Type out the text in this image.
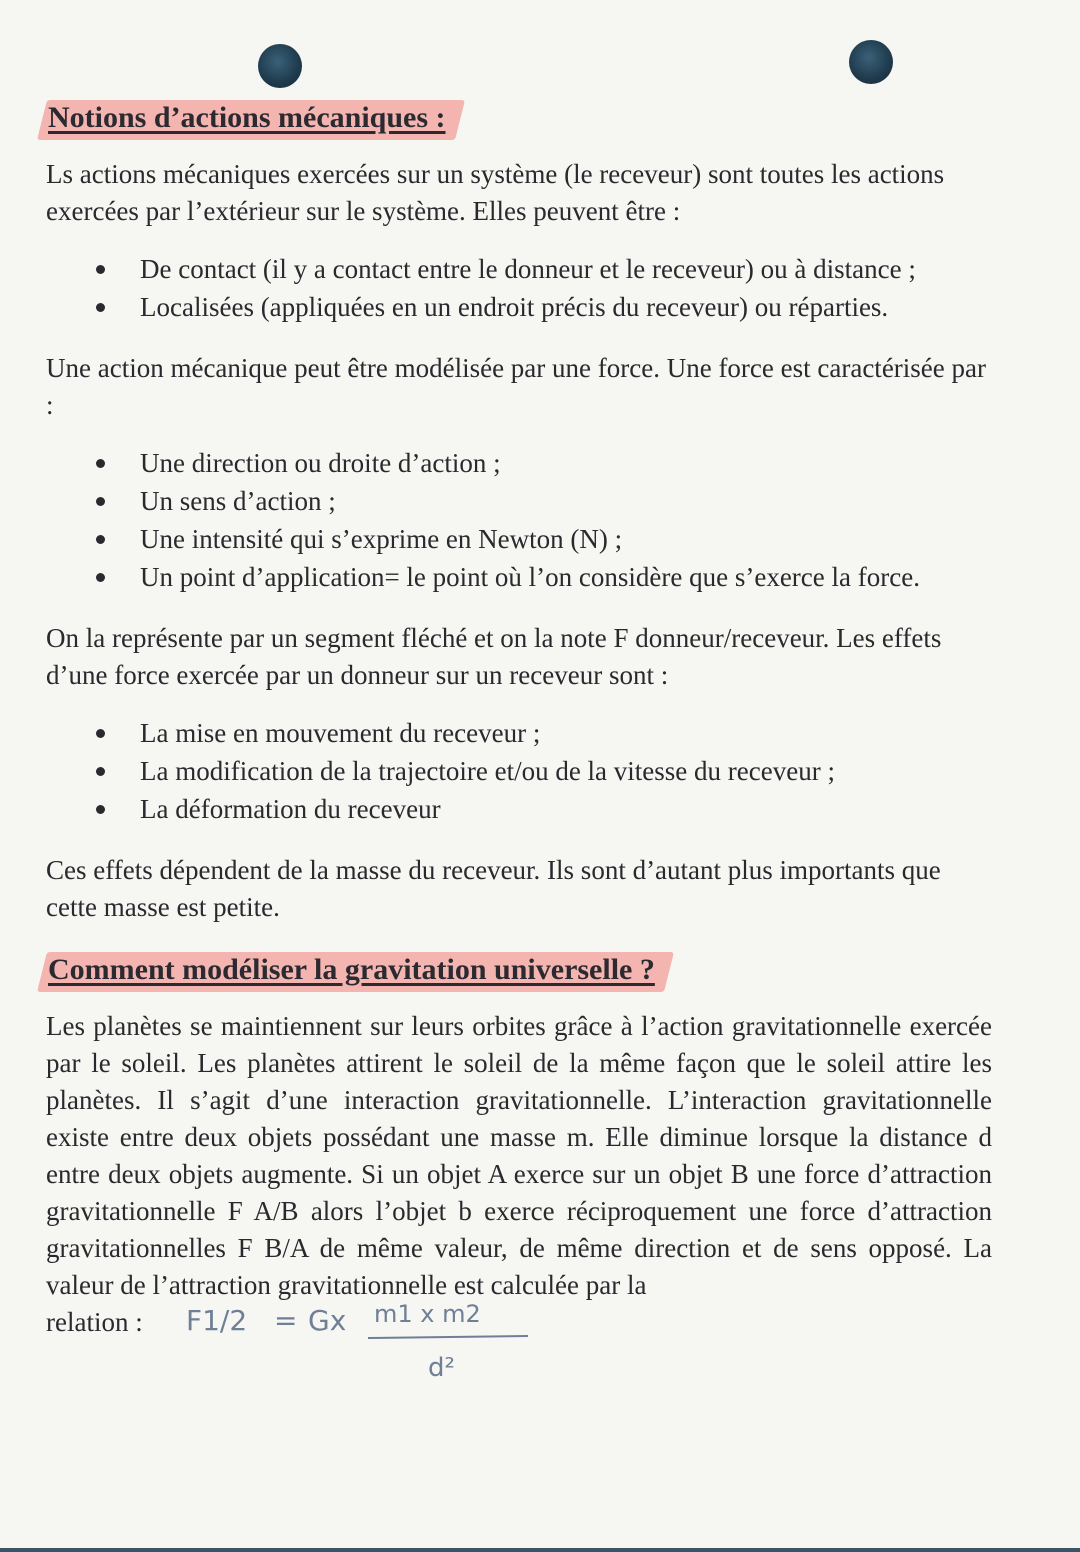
Notions d’actions mécaniques :

Ls actions mécaniques exercées sur un système (le receveur) sont toutes les actions exercées par l’extérieur sur le système. Elles peuvent être :

De contact (il y a contact entre le donneur et le receveur) ou à distance ;
Localisées (appliquées en un endroit précis du receveur) ou réparties.

Une action mécanique peut être modélisée par une force. Une force est caractérisée par :

Une direction ou droite d’action ;
Un sens d’action ;
Une intensité qui s’exprime en Newton (N) ;
Un point d’application= le point où l’on considère que s’exerce la force.

On la représente par un segment fléché et on la note F donneur/receveur. Les effets d’une force exercée par un donneur sur un receveur sont :

La mise en mouvement du receveur ;
La modification de la trajectoire et/ou de la vitesse du receveur ;
La déformation du receveur

Ces effets dépendent de la masse du receveur. Ils sont d’autant plus importants que cette masse est petite.

Comment modéliser la gravitation universelle ?

Les planètes se maintiennent sur leurs orbites grâce à l’action gravitationnelle exercée par le soleil. Les planètes attirent le soleil de la même façon que le soleil attire les planètes. Il s’agit d’une interaction gravitationnelle. L’interaction gravitationnelle existe entre deux objets possédant une masse m. Elle diminue lorsque la distance d entre deux objets augmente. Si un objet A exerce sur un objet B une force d’attraction gravitationnelle F A/B alors l’objet b exerce réciproquement une force d’attraction gravitationnelles F B/A de même valeur, de même direction et de sens opposé. La valeur de l’attraction gravitationnelle est calculée par la

relation : F1/2 = Gx m1 x m2
d²
